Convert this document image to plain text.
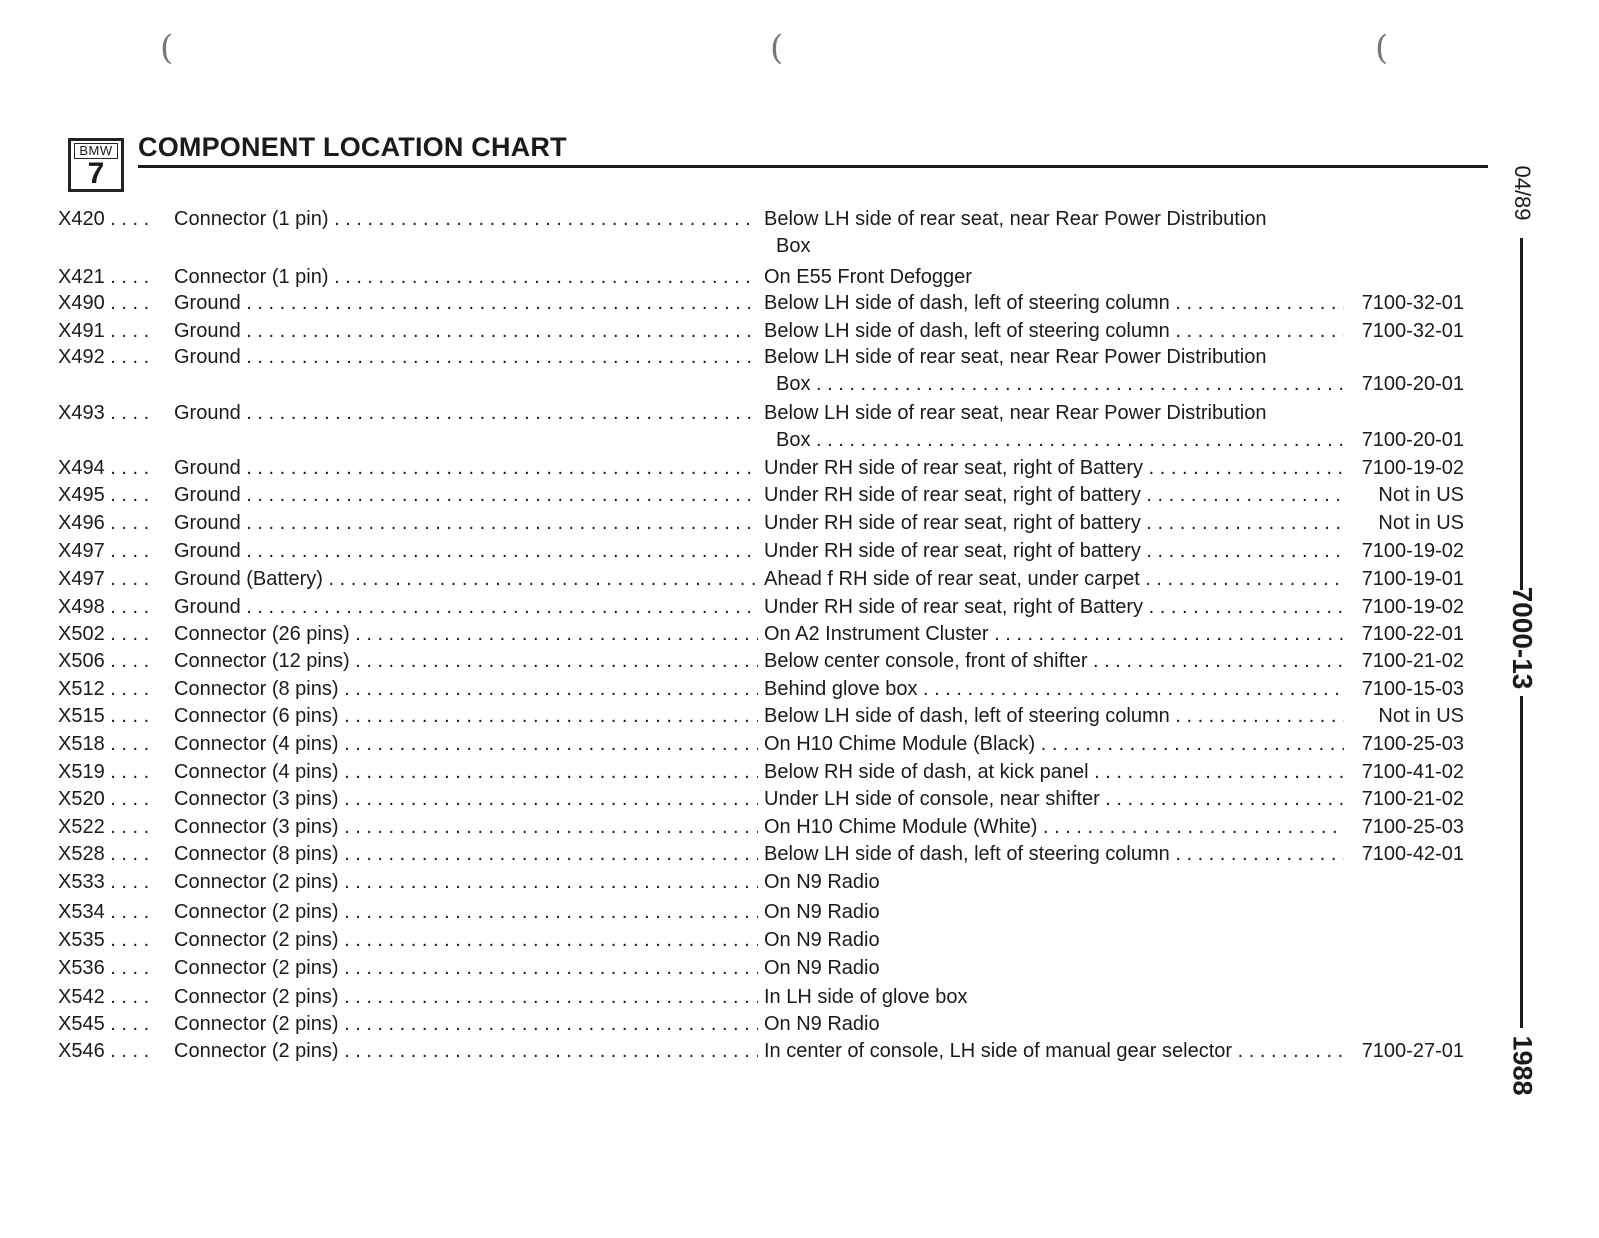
(	(	(
BMW
7
COMPONENT LOCATION CHART
X420 . . . .	Connector (1 pin) . . .	Below LH side of rear seat, near Rear Power Distribution
Box
X421 . . . .	Connector (1 pin) . . .	On E55 Front Defogger
X490 . . . .	Ground . . .	Below LH side of dash, left of steering column . . .	7100-32-01
X491 . . . .	Ground . . .	Below LH side of dash, left of steering column . . .	7100-32-01
X492 . . . .	Ground . . .	Below LH side of rear seat, near Rear Power Distribution
Box . . .	7100-20-01
X493 . . . .	Ground . . .	Below LH side of rear seat, near Rear Power Distribution
Box . . .	7100-20-01
X494 . . . .	Ground . . .	Under RH side of rear seat, right of Battery . . .	7100-19-02
X495 . . . .	Ground . . .	Under RH side of rear seat, right of battery . . .	Not in US
X496 . . . .	Ground . . .	Under RH side of rear seat, right of battery . . .	Not in US
X497 . . . .	Ground . . .	Under RH side of rear seat, right of battery . . .	7100-19-02
X497 . . . .	Ground (Battery) . . .	Ahead f RH side of rear seat, under carpet . . .	7100-19-01
X498 . . . .	Ground . . .	Under RH side of rear seat, right of Battery . . .	7100-19-02
X502 . . . .	Connector (26 pins) . . .	On A2 Instrument Cluster . . .	7100-22-01
X506 . . . .	Connector (12 pins) . . .	Below center console, front of shifter . . .	7100-21-02
X512 . . . .	Connector (8 pins) . . .	Behind glove box . . .	7100-15-03
X515 . . . .	Connector (6 pins) . . .	Below LH side of dash, left of steering column . . .	Not in US
X518 . . . .	Connector (4 pins) . . .	On H10 Chime Module (Black) . . .	7100-25-03
X519 . . . .	Connector (4 pins) . . .	Below RH side of dash, at kick panel . . .	7100-41-02
X520 . . . .	Connector (3 pins) . . .	Under LH side of console, near shifter . . .	7100-21-02
X522 . . . .	Connector (3 pins) . . .	On H10 Chime Module (White) . . .	7100-25-03
X528 . . . .	Connector (8 pins) . . .	Below LH side of dash, left of steering column . . .	7100-42-01
X533 . . . .	Connector (2 pins) . . .	On N9 Radio
X534 . . . .	Connector (2 pins) . . .	On N9 Radio
X535 . . . .	Connector (2 pins) . . .	On N9 Radio
X536 . . . .	Connector (2 pins) . . .	On N9 Radio
X542 . . . .	Connector (2 pins) . . .	In LH side of glove box
X545 . . . .	Connector (2 pins) . . .	On N9 Radio
X546 . . . .	Connector (2 pins) . . .	In center of console, LH side of manual gear selector . . .	7100-27-01
04/89
7000-13
1988
